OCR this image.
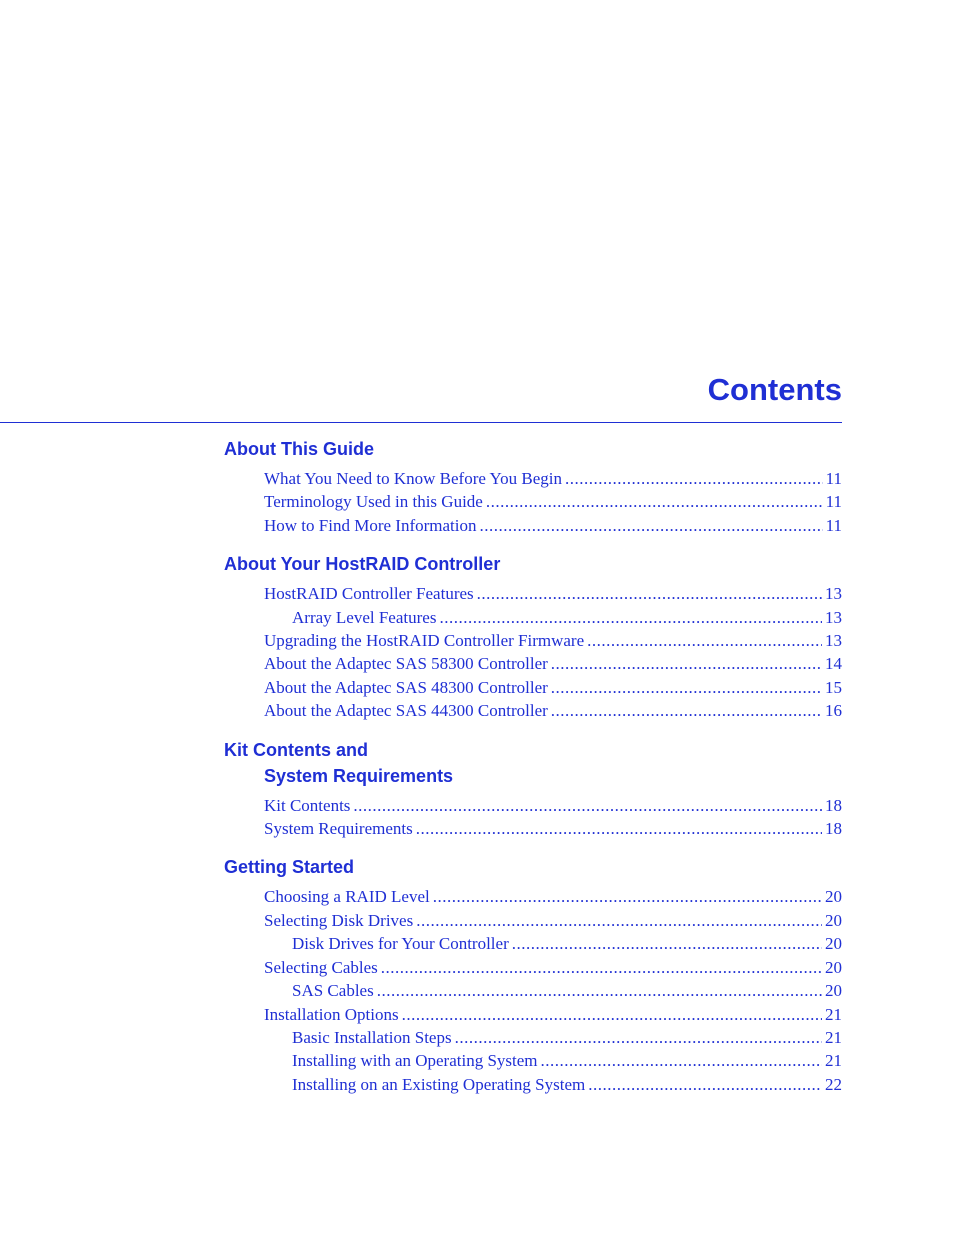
Contents
About This Guide
What You Need to Know Before You Begin .....	11
Terminology Used in this Guide .....	11
How to Find More Information .....	11
About Your HostRAID Controller
HostRAID Controller Features .....	13
Array Level Features .....	13
Upgrading the HostRAID Controller Firmware .....	13
About the Adaptec SAS 58300 Controller .....	14
About the Adaptec SAS 48300 Controller .....	15
About the Adaptec SAS 44300 Controller .....	16
Kit Contents and
System Requirements
Kit Contents .....	18
System Requirements .....	18
Getting Started
Choosing a RAID Level .....	20
Selecting Disk Drives .....	20
Disk Drives for Your Controller .....	20
Selecting Cables .....	20
SAS Cables .....	20
Installation Options .....	21
Basic Installation Steps .....	21
Installing with an Operating System .....	21
Installing on an Existing Operating System .....	22
